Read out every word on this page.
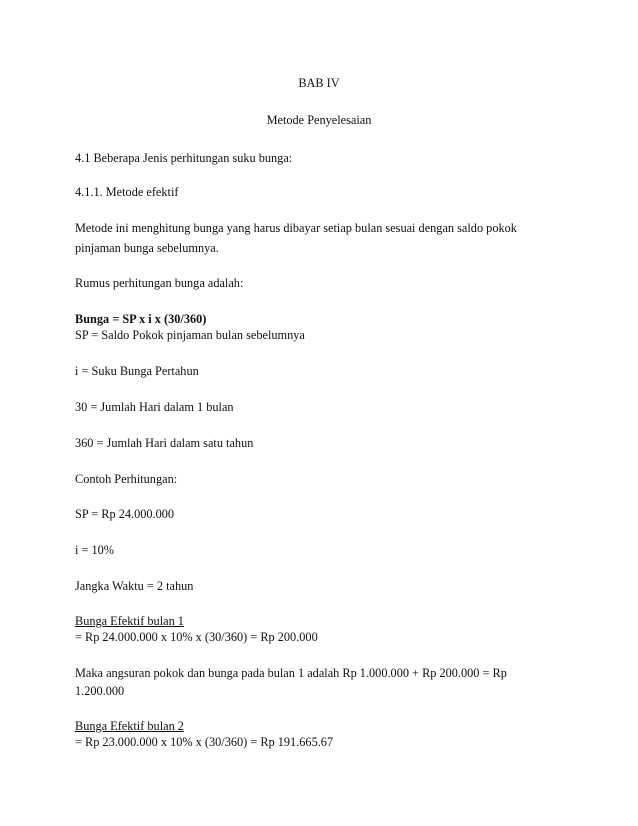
BAB IV
Metode Penyelesaian
4.1 Beberapa Jenis perhitungan suku bunga:
4.1.1. Metode efektif
Metode ini menghitung bunga yang harus dibayar setiap bulan sesuai dengan saldo pokok
pinjaman bunga sebelumnya.
Rumus perhitungan bunga adalah:
Bunga = SP x i x (30/360)
SP = Saldo Pokok pinjaman bulan sebelumnya
i = Suku Bunga Pertahun
30 = Jumlah Hari dalam 1 bulan
360 = Jumlah Hari dalam satu tahun
Contoh Perhitungan:
SP = Rp 24.000.000
i = 10%
Jangka Waktu = 2 tahun
Bunga Efektif bulan 1
= Rp 24.000.000 x 10% x (30/360) = Rp 200.000
Maka angsuran pokok dan bunga pada bulan 1 adalah Rp 1.000.000 + Rp 200.000 = Rp
1.200.000
Bunga Efektif bulan 2
= Rp 23.000.000 x 10% x (30/360) = Rp 191.665.67
